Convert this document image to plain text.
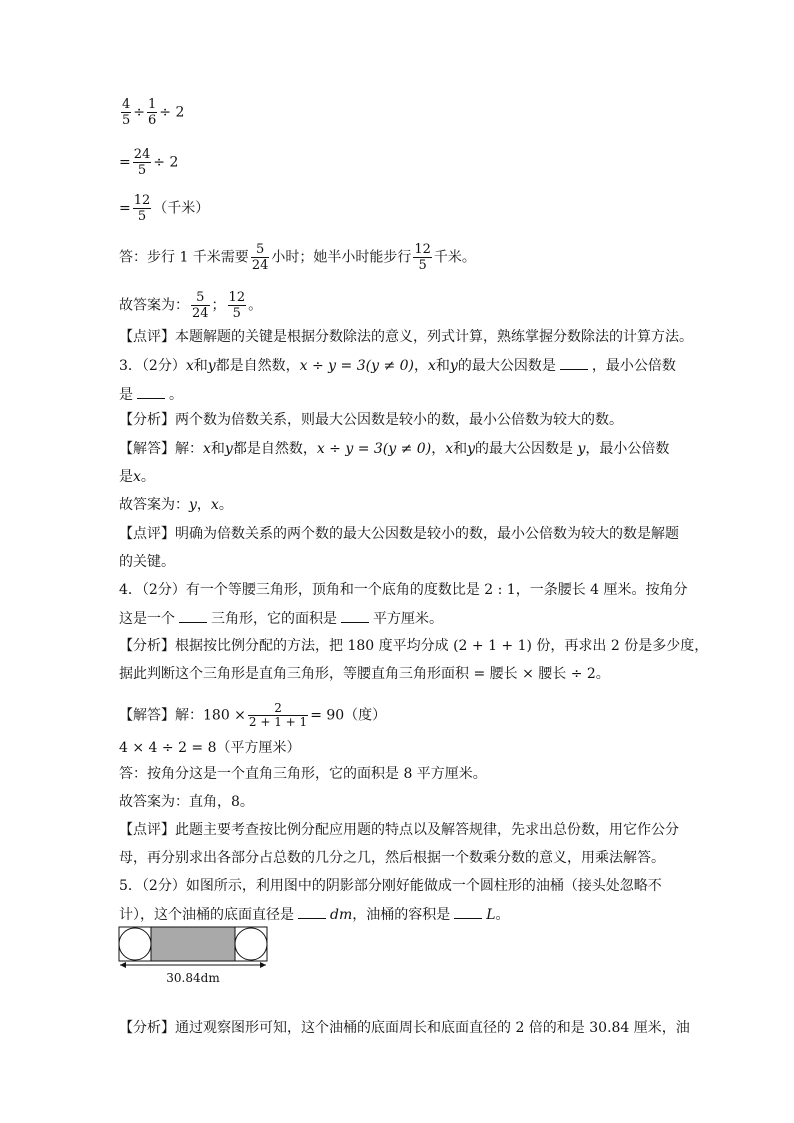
$\frac{4}{5} \div \frac{1}{6} \div 2$
= $\frac{24}{5} \div 2$
= $\frac{12}{5}$ （千米）
答：步行 1 千米需要 $\frac{5}{24}$ 小时；她半小时能步行 $\frac{12}{5}$ 千米。
故答案为： $\frac{5}{24}$ ； $\frac{12}{5}$ 。
【点评】本题解题的关键是根据分数除法的意义，列式计算，熟练掌握分数除法的计算方法。
3．（2分）x和y都是自然数，x ÷ y = 3(y ≠ 0)，x和y的最大公因数是	，最小公倍数
是	。
【分析】两个数为倍数关系，则最大公因数是较小的数，最小公倍数为较大的数。
【解答】解：x和y都是自然数，x ÷ y = 3(y ≠ 0)，x和y的最大公因数是 y，最小公倍数
是x。
故答案为：y，x。
【点评】明确为倍数关系的两个数的最大公因数是较小的数，最小公倍数为较大的数是解题
的关键。
4．（2分）有一个等腰三角形，顶角和一个底角的度数比是 2 : 1，一条腰长 4 厘米。按角分
这是一个	三角形，它的面积是	平方厘米。
【分析】根据按比例分配的方法，把 180 度平均分成 (2 + 1 + 1) 份，再求出 2 份是多少度，
据此判断这个三角形是直角三角形，等腰直角三角形面积 = 腰长 × 腰长 ÷ 2。
【解答】解：$180 \times \frac{2}{2 + 1 + 1} = 90$（度）
4 × 4 ÷ 2 = 8（平方厘米）
答：按角分这是一个直角三角形，它的面积是 8 平方厘米。
故答案为：直角，8。
【点评】此题主要考查按比例分配应用题的特点以及解答规律，先求出总份数，用它作公分
母，再分别求出各部分占总数的几分之几，然后根据一个数乘分数的意义，用乘法解答。
5．（2分）如图所示，利用图中的阴影部分刚好能做成一个圆柱形的油桶（接头处忽略不
计），这个油桶的底面直径是	dm，油桶的容积是	L。
30.84dm
【分析】通过观察图形可知，这个油桶的底面周长和底面直径的 2 倍的和是 30.84 厘米，油
